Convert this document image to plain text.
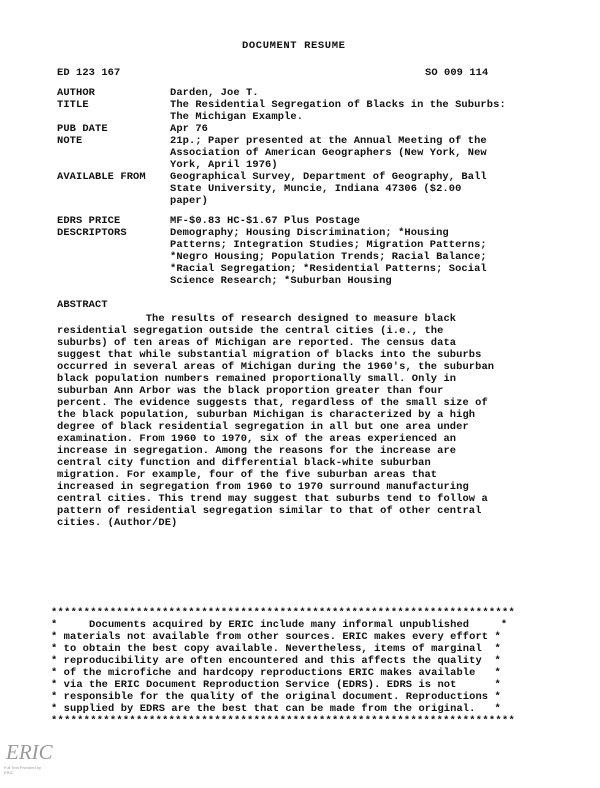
DOCUMENT RESUME
ED 123 167	SO 009 114
AUTHOR	Darden, Joe T.
TITLE	The Residential Segregation of Blacks in the Suburbs:
The Michigan Example.
PUB DATE	Apr 76
NOTE	21p.; Paper presented at the Annual Meeting of the
Association of American Geographers (New York, New
York, April 1976)
AVAILABLE FROM Geographical Survey, Department of Geography, Ball
State University, Muncie, Indiana 47306 ($2.00
paper)
EDRS PRICE	MF-$0.83 HC-$1.67 Plus Postage
DESCRIPTORS	Demography; Housing Discrimination; *Housing
Patterns; Integration Studies; Migration Patterns;
*Negro Housing; Population Trends; Racial Balance;
*Racial Segregation; *Residential Patterns; Social
Science Research; *Suburban Housing
ABSTRACT
The results of research designed to measure black
residential segregation outside the central cities (i.e., the
suburbs) of ten areas of Michigan are reported. The census data
suggest that while substantial migration of blacks into the suburbs
occurred in several areas of Michigan during the 1960's, the suburban
black population numbers remained proportionally small. Only in
suburban Ann Arbor was the black proportion greater than four
percent. The evidence suggests that, regardless of the small size of
the black population, suburban Michigan is characterized by a high
degree of black residential segregation in all but one area under
examination. From 1960 to 1970, six of the areas experienced an
increase in segregation. Among the reasons for the increase are
central city function and differential black-white suburban
migration. For example, four of the five suburban areas that
increased in segregation from 1960 to 1970 surround manufacturing
central cities. This trend may suggest that suburbs tend to follow a
pattern of residential segregation similar to that of other central
cities. (Author/DE)
***********************************************************************
*     Documents acquired by ERIC include many informal unpublished     *
* materials not available from other sources. ERIC makes every effort *
* to obtain the best copy available. Nevertheless, items of marginal  *
* reproducibility are often encountered and this affects the quality  *
* of the microfiche and hardcopy reproductions ERIC makes available   *
* via the ERIC Document Reproduction Service (EDRS). EDRS is not      *
* responsible for the quality of the original document. Reproductions *
* supplied by EDRS are the best that can be made from the original.   *
***********************************************************************
ERIC
Full Text Provided by ERIC
